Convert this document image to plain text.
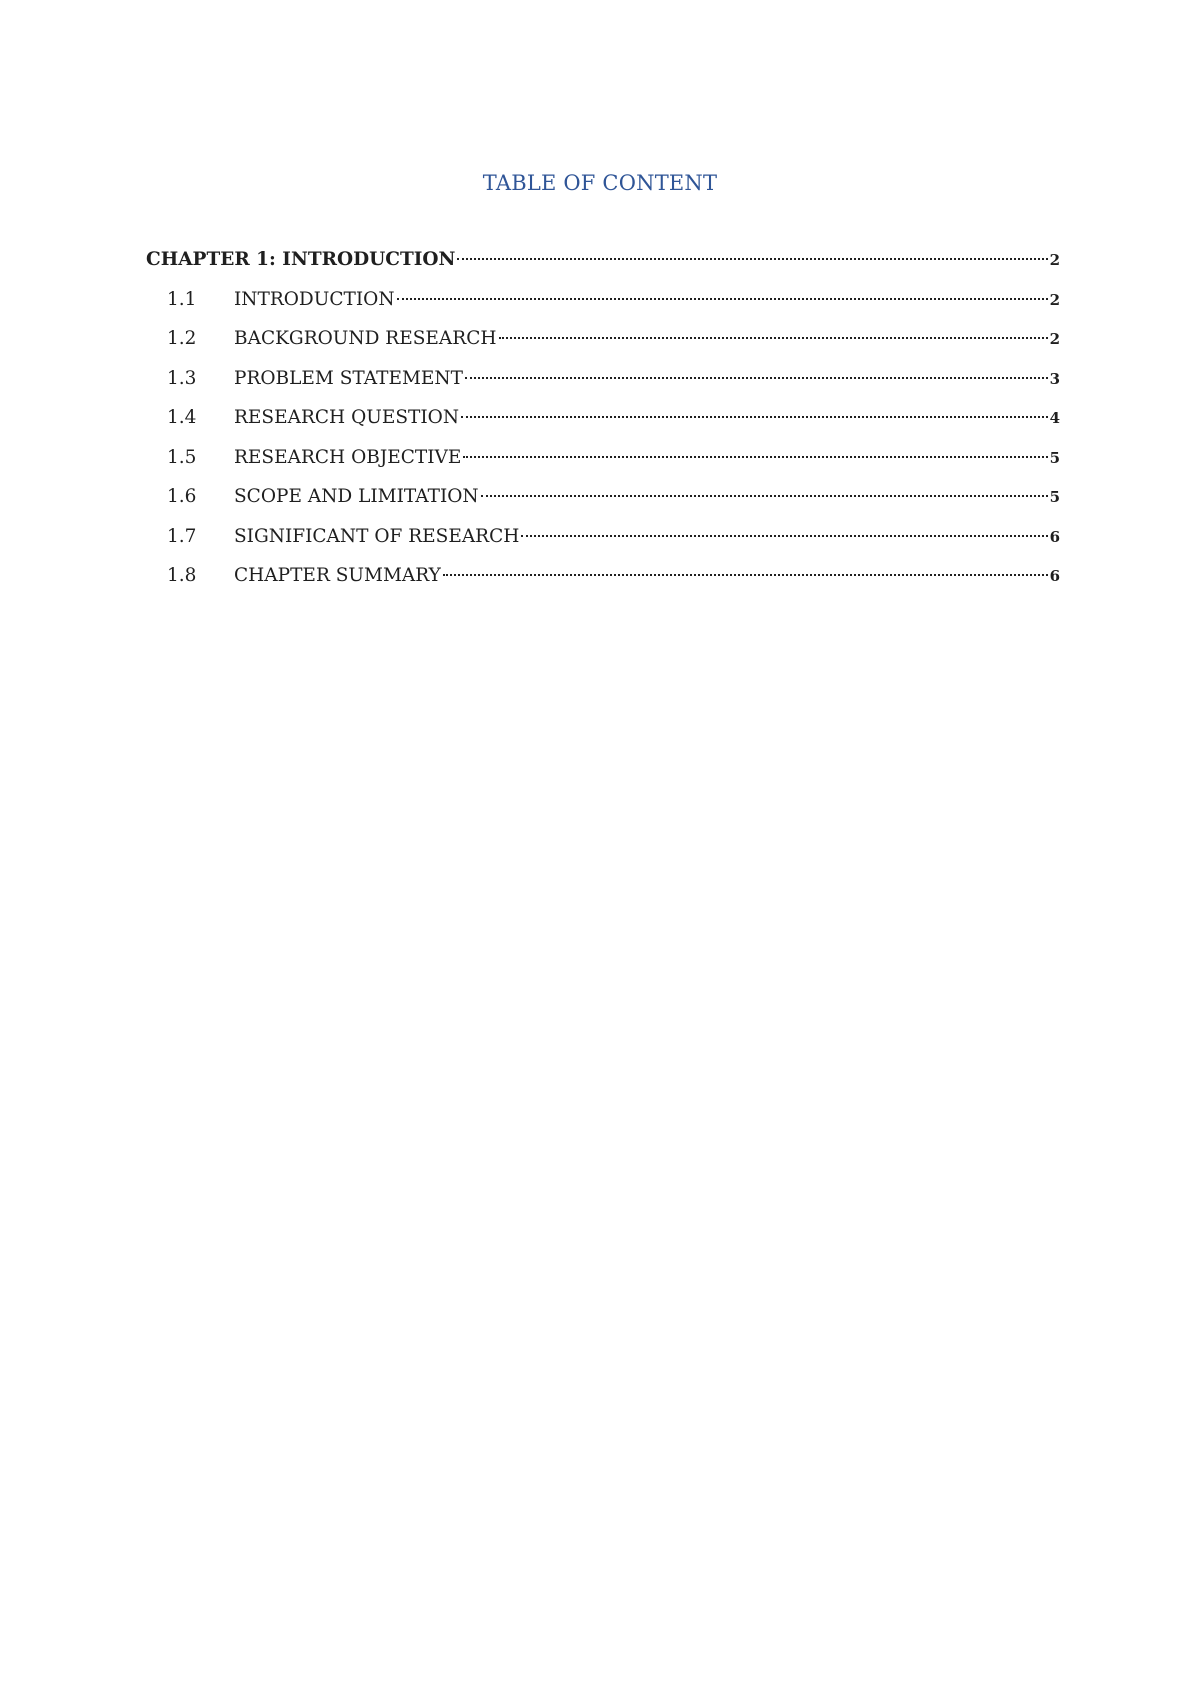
TABLE OF CONTENT
CHAPTER 1: INTRODUCTION	2
1.1	INTRODUCTION	2
1.2	BACKGROUND RESEARCH	2
1.3	PROBLEM STATEMENT	3
1.4	RESEARCH QUESTION	4
1.5	RESEARCH OBJECTIVE	5
1.6	SCOPE AND LIMITATION	5
1.7	SIGNIFICANT OF RESEARCH	6
1.8	CHAPTER SUMMARY	6
